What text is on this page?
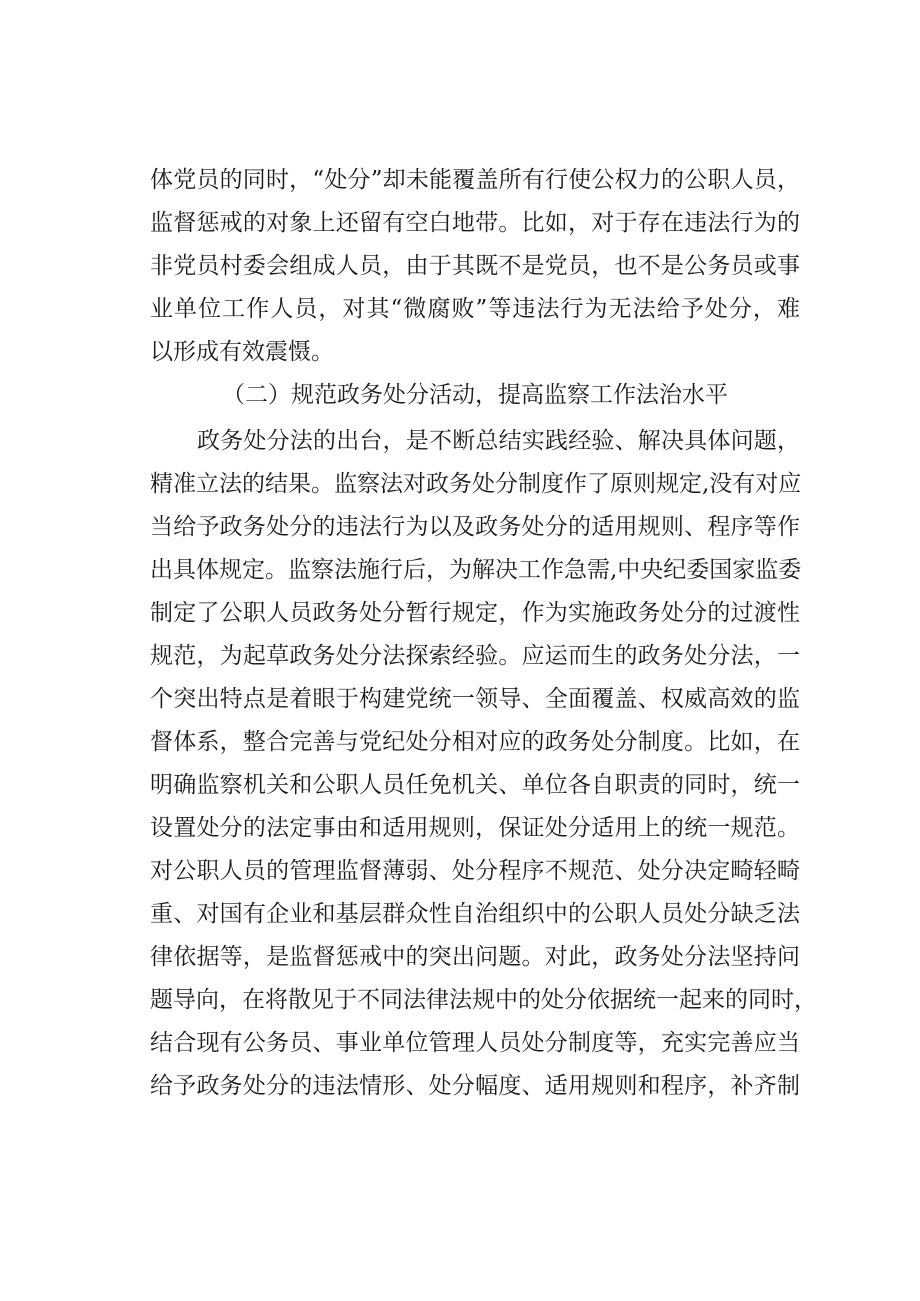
体党员的同时，“处分”却未能覆盖所有行使公权力的公职人员，
监督惩戒的对象上还留有空白地带。比如，对于存在违法行为的
非党员村委会组成人员，由于其既不是党员，也不是公务员或事
业单位工作人员，对其“微腐败”等违法行为无法给予处分，难
以形成有效震慑。
（二）规范政务处分活动，提高监察工作法治水平
政务处分法的出台，是不断总结实践经验、解决具体问题，
精准立法的结果。监察法对政务处分制度作了原则规定,没有对应
当给予政务处分的违法行为以及政务处分的适用规则、程序等作
出具体规定。监察法施行后，为解决工作急需,中央纪委国家监委
制定了公职人员政务处分暂行规定，作为实施政务处分的过渡性
规范，为起草政务处分法探索经验。应运而生的政务处分法，一
个突出特点是着眼于构建党统一领导、全面覆盖、权威高效的监
督体系，整合完善与党纪处分相对应的政务处分制度。比如，在
明确监察机关和公职人员任免机关、单位各自职责的同时，统一
设置处分的法定事由和适用规则，保证处分适用上的统一规范。
对公职人员的管理监督薄弱、处分程序不规范、处分决定畸轻畸
重、对国有企业和基层群众性自治组织中的公职人员处分缺乏法
律依据等，是监督惩戒中的突出问题。对此，政务处分法坚持问
题导向，在将散见于不同法律法规中的处分依据统一起来的同时，
结合现有公务员、事业单位管理人员处分制度等，充实完善应当
给予政务处分的违法情形、处分幅度、适用规则和程序，补齐制
